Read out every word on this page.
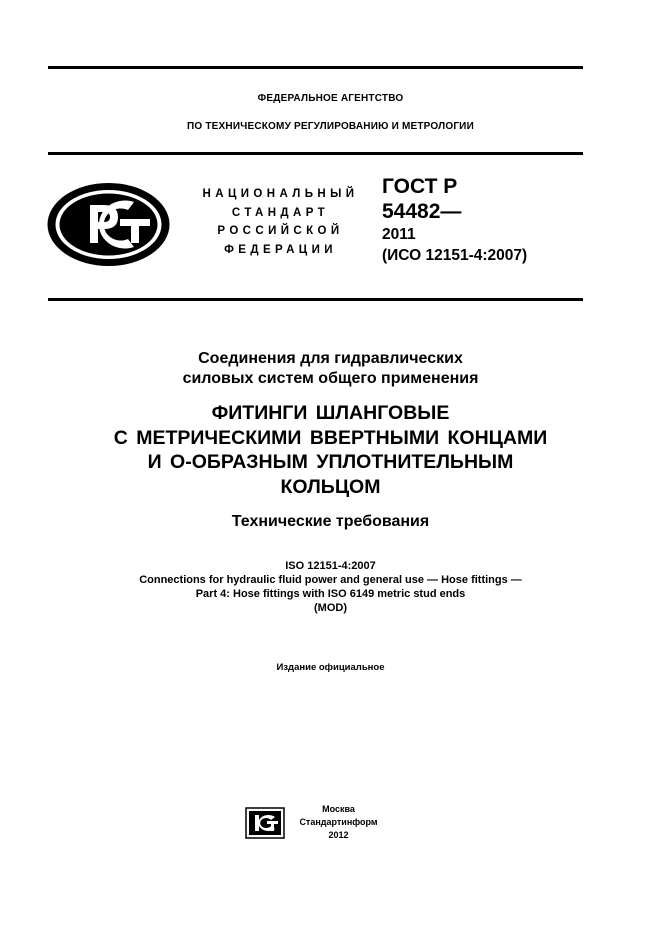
ФЕДЕРАЛЬНОЕ АГЕНТСТВО
ПО ТЕХНИЧЕСКОМУ РЕГУЛИРОВАНИЮ И МЕТРОЛОГИИ
НАЦИОНАЛЬНЫЙ
СТАНДАРТ
РОССИЙСКОЙ
ФЕДЕРАЦИИ
ГОСТ Р
54482—
2011
(ИСО 12151-4:2007)
Соединения для гидравлических
силовых систем общего применения
ФИТИНГИ ШЛАНГОВЫЕ
С МЕТРИЧЕСКИМИ ВВЕРТНЫМИ КОНЦАМИ
И О-ОБРАЗНЫМ УПЛОТНИТЕЛЬНЫМ
КОЛЬЦОМ
Технические требования
ISO 12151-4:2007
Connections for hydraulic fluid power and general use — Hose fittings —
Part 4: Hose fittings with ISO 6149 metric stud ends
(MOD)
Издание официальное
Москва
Стандартинформ
2012
